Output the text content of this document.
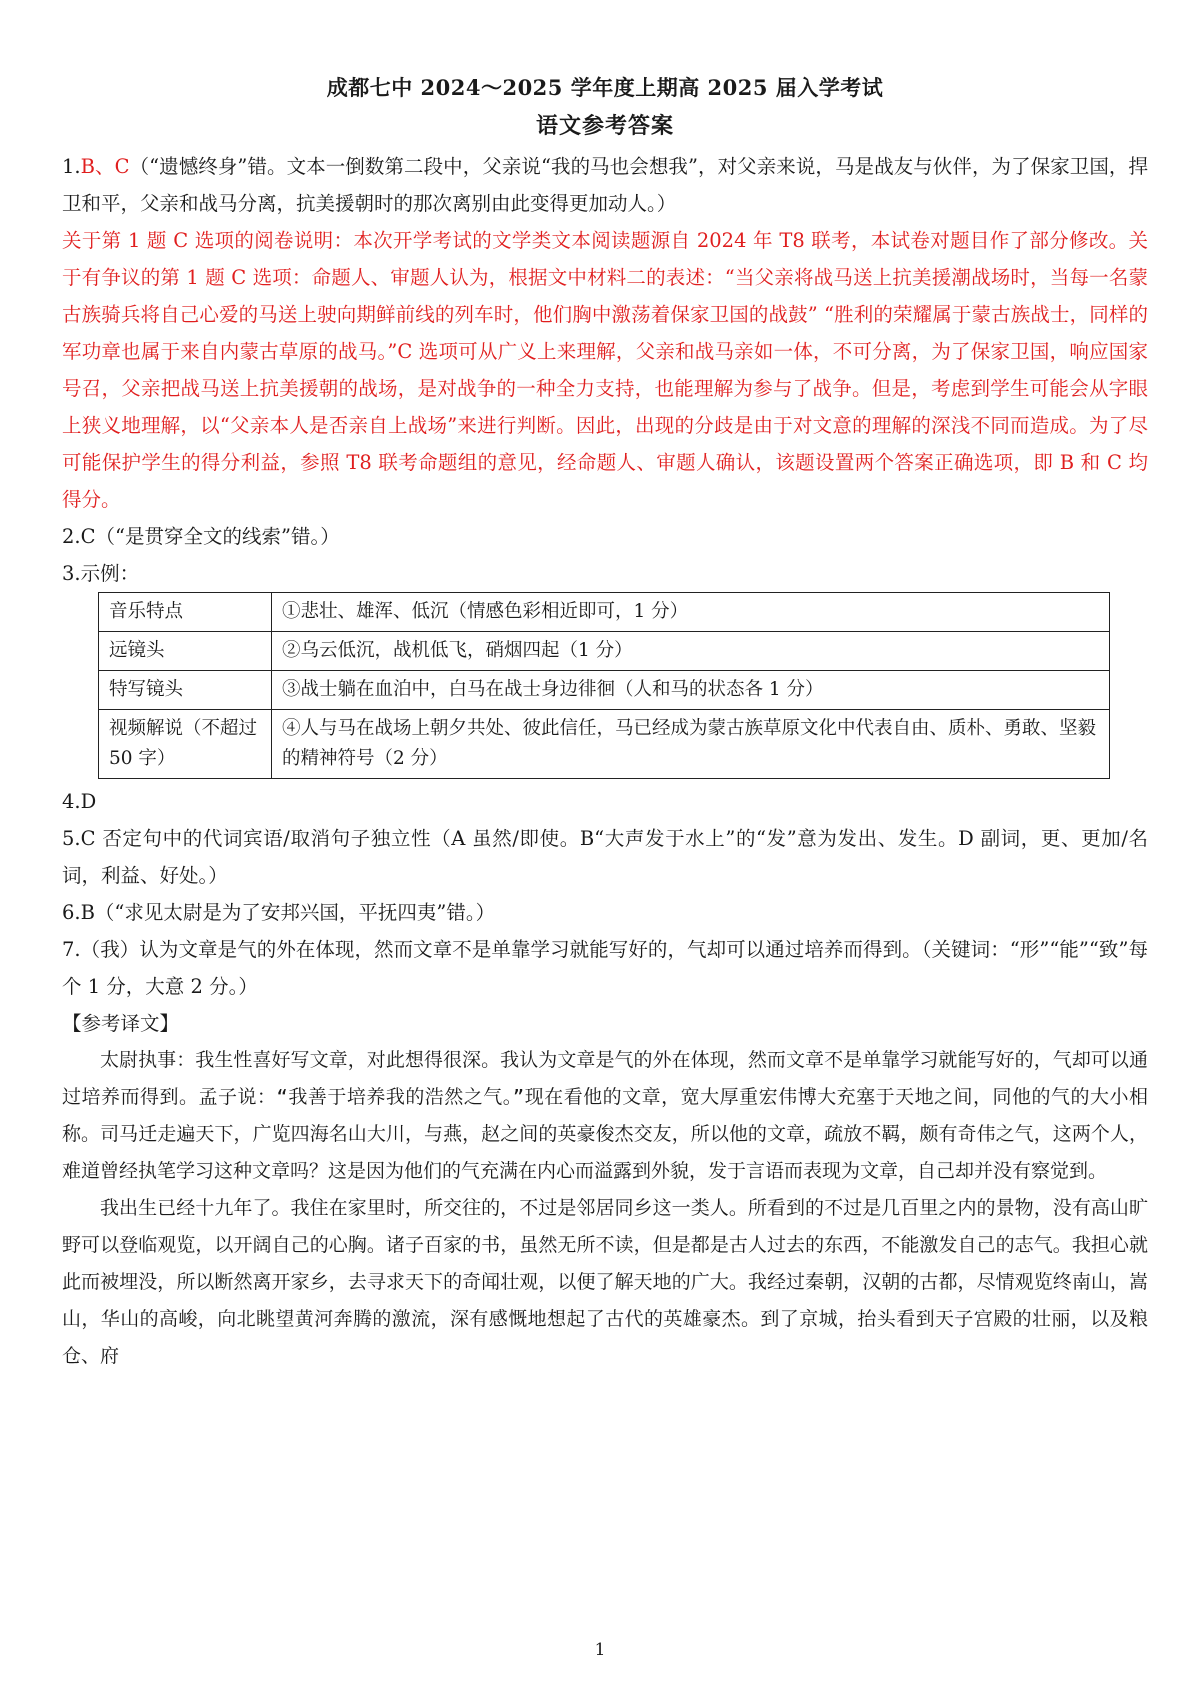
成都七中 2024～2025 学年度上期高 2025 届入学考试
语文参考答案

1.B、C（“遗憾终身”错。文本一倒数第二段中，父亲说“我的马也会想我”，对父亲来说，马是战友与伙伴，为了保家卫国，捍卫和平，父亲和战马分离，抗美援朝时的那次离别由此变得更加动人。）

关于第 1 题 C 选项的阅卷说明：本次开学考试的文学类文本阅读题源自 2024 年 T8 联考，本试卷对题目作了部分修改。关于有争议的第 1 题 C 选项：命题人、审题人认为，根据文中材料二的表述：“当父亲将战马送上抗美援潮战场时，当每一名蒙古族骑兵将自己心爱的马送上驶向期鲜前线的列车时，他们胸中激荡着保家卫国的战鼓” “胜利的荣耀属于蒙古族战士，同样的军功章也属于来自内蒙古草原的战马。”C 选项可从广义上来理解，父亲和战马亲如一体，不可分离，为了保家卫国，响应国家号召，父亲把战马送上抗美援朝的战场，是对战争的一种全力支持，也能理解为参与了战争。但是，考虑到学生可能会从字眼上狭义地理解，以“父亲本人是否亲自上战场”来进行判断。因此，出现的分歧是由于对文意的理解的深浅不同而造成。为了尽可能保护学生的得分利益，参照 T8 联考命题组的意见，经命题人、审题人确认，该题设置两个答案正确选项，即 B 和 C 均得分。

2.C（“是贯穿全文的线索”错。）

3.示例：

音乐特点	①悲壮、雄浑、低沉（情感色彩相近即可，1 分）
远镜头	②乌云低沉，战机低飞，硝烟四起（1 分）
特写镜头	③战士躺在血泊中，白马在战士身边徘徊（人和马的状态各 1 分）
视频解说（不超过 50 字）	④人与马在战场上朝夕共处、彼此信任，马已经成为蒙古族草原文化中代表自由、质朴、勇敢、坚毅的精神符号（2 分）

4.D

5.C 否定句中的代词宾语/取消句子独立性（A 虽然/即使。B“大声发于水上”的“发”意为发出、发生。D 副词，更、更加/名词，利益、好处。）

6.B（“求见太尉是为了安邦兴国，平抚四夷”错。）

7.（我）认为文章是气的外在体现，然而文章不是单靠学习就能写好的，气却可以通过培养而得到。（关键词：“形”“能”“致”每个 1 分，大意 2 分。）

【参考译文】

太尉执事：我生性喜好写文章，对此想得很深。我认为文章是气的外在体现，然而文章不是单靠学习就能写好的，气却可以通过培养而得到。孟子说：“我善于培养我的浩然之气。”现在看他的文章，宽大厚重宏伟博大充塞于天地之间，同他的气的大小相称。司马迁走遍天下，广览四海名山大川，与燕，赵之间的英豪俊杰交友，所以他的文章，疏放不羁，颇有奇伟之气，这两个人，难道曾经执笔学习这种文章吗？这是因为他们的气充满在内心而溢露到外貌，发于言语而表现为文章，自己却并没有察觉到。

我出生已经十九年了。我住在家里时，所交往的，不过是邻居同乡这一类人。所看到的不过是几百里之内的景物，没有高山旷野可以登临观览，以开阔自己的心胸。诸子百家的书，虽然无所不读，但是都是古人过去的东西，不能激发自己的志气。我担心就此而被埋没，所以断然离开家乡，去寻求天下的奇闻壮观，以便了解天地的广大。我经过秦朝，汉朝的古都，尽情观览终南山，嵩山，华山的高峻，向北眺望黄河奔腾的激流，深有感慨地想起了古代的英雄豪杰。到了京城，抬头看到天子宫殿的壮丽，以及粮仓、府

1
